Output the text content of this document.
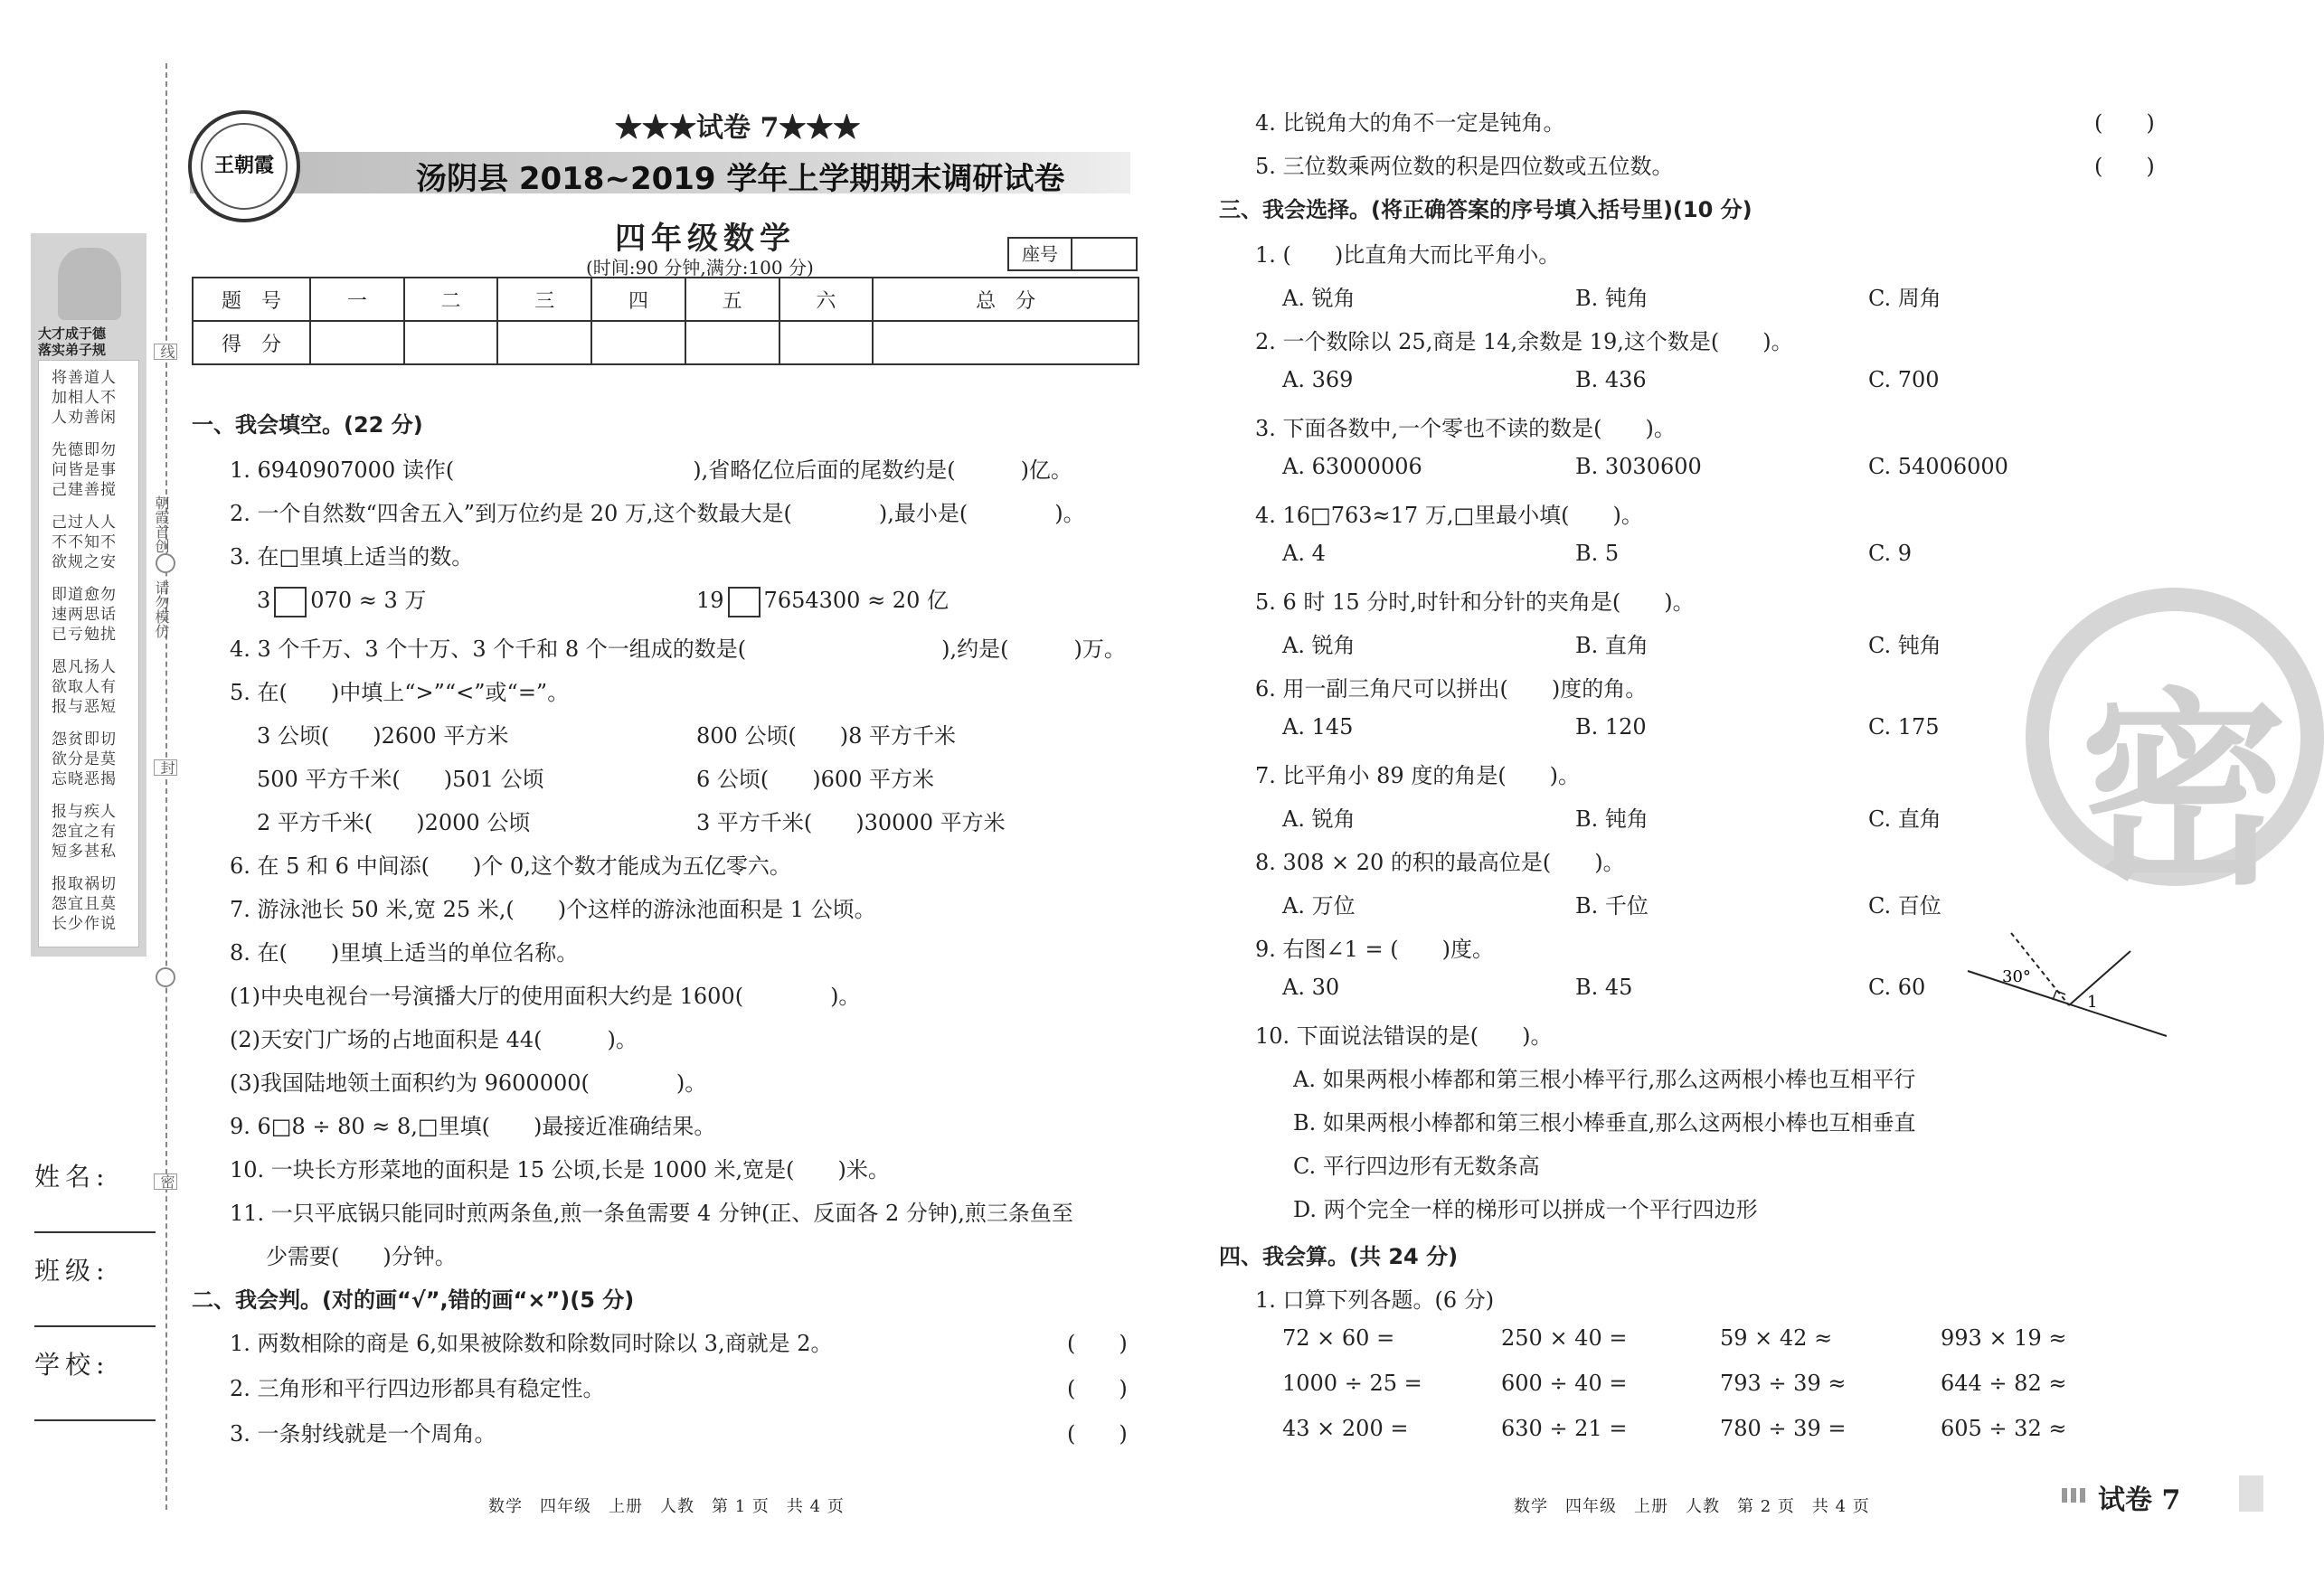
大才成于德
落实弟子规
将善道人
加相人不
人劝善闲
先德即勿
问皆是事
己建善搅
己过人人
不不知不
欲规之安
即道愈勿
速两思话
已亏勉扰
恩凡扬人
欲取人有
报与恶短
怨贫即切
欲分是莫
忘晓恶揭
报与疾人
怨宜之有
短多甚私
报取祸切
怨宜且莫
长少作说
线
朝霞首创
请勿模仿
封
密
姓名:
班级:
学校:
王朝霞
★★★试卷 7★★★
汤阴县 2018~2019 学年上学期期末调研试卷
四年级数学
(时间:90 分钟,满分:100 分)
座号
题　号	一	二	三	四	五	六	总　分
得　分							
一、我会填空。(22 分)
1. 6940907000 读作(　　　　　　　　　　　),省略亿位后面的尾数约是(　　　)亿。
2. 一个自然数“四舍五入”到万位约是 20 万,这个数最大是(　　　　),最小是(　　　　)。
3. 在□里填上适当的数。
3 070 ≈ 3 万	19 7654300 ≈ 20 亿
4. 3 个千万、3 个十万、3 个千和 8 个一组成的数是(　　　　　　　　　),约是(　　　)万。
5. 在(　　)中填上“>”“<”或“=”。
3 公顷(　　)2600 平方米	800 公顷(　　)8 平方千米
500 平方千米(　　)501 公顷	6 公顷(　　)600 平方米
2 平方千米(　　)2000 公顷	3 平方千米(　　)30000 平方米
6. 在 5 和 6 中间添(　　)个 0,这个数才能成为五亿零六。
7. 游泳池长 50 米,宽 25 米,(　　)个这样的游泳池面积是 1 公顷。
8. 在(　　)里填上适当的单位名称。
(1)中央电视台一号演播大厅的使用面积大约是 1600(　　　　)。
(2)天安门广场的占地面积是 44(　　　)。
(3)我国陆地领土面积约为 9600000(　　　　)。
9. 6□8 ÷ 80 ≈ 8,□里填(　　)最接近准确结果。
10. 一块长方形菜地的面积是 15 公顷,长是 1000 米,宽是(　　)米。
11. 一只平底锅只能同时煎两条鱼,煎一条鱼需要 4 分钟(正、反面各 2 分钟),煎三条鱼至
少需要(　　)分钟。
二、我会判。(对的画“√”,错的画“×”)(5 分)
1. 两数相除的商是 6,如果被除数和除数同时除以 3,商就是 2。	(　　)
2. 三角形和平行四边形都具有稳定性。	(　　)
3. 一条射线就是一个周角。	(　　)
数学　四年级　上册　人教　第 1 页　共 4 页
密
4. 比锐角大的角不一定是钝角。	(　　)
5. 三位数乘两位数的积是四位数或五位数。	(　　)
三、我会选择。(将正确答案的序号填入括号里)(10 分)
1. (　　)比直角大而比平角小。
A. 锐角	B. 钝角	C. 周角
2. 一个数除以 25,商是 14,余数是 19,这个数是(　　)。
A. 369	B. 436	C. 700
3. 下面各数中,一个零也不读的数是(　　)。
A. 63000006	B. 3030600	C. 54006000
4. 16□763≈17 万,□里最小填(　　)。
A. 4	B. 5	C. 9
5. 6 时 15 分时,时针和分针的夹角是(　　)。
A. 锐角	B. 直角	C. 钝角
6. 用一副三角尺可以拼出(　　)度的角。
A. 145	B. 120	C. 175
7. 比平角小 89 度的角是(　　)。
A. 锐角	B. 钝角	C. 直角
8. 308 × 20 的积的最高位是(　　)。
A. 万位	B. 千位	C. 百位
9. 右图∠1 = (　　)度。
A. 30	B. 45	C. 60	30°
1
10. 下面说法错误的是(　　)。
A. 如果两根小棒都和第三根小棒平行,那么这两根小棒也互相平行
B. 如果两根小棒都和第三根小棒垂直,那么这两根小棒也互相垂直
C. 平行四边形有无数条高
D. 两个完全一样的梯形可以拼成一个平行四边形
四、我会算。(共 24 分)
1. 口算下列各题。(6 分)
72 × 60 =	250 × 40 =	59 × 42 ≈	993 × 19 ≈
1000 ÷ 25 =	600 ÷ 40 =	793 ÷ 39 ≈	644 ÷ 82 ≈
43 × 200 =	630 ÷ 21 =	780 ÷ 39 =	605 ÷ 32 ≈
数学　四年级　上册　人教　第 2 页　共 4 页	试卷 7
